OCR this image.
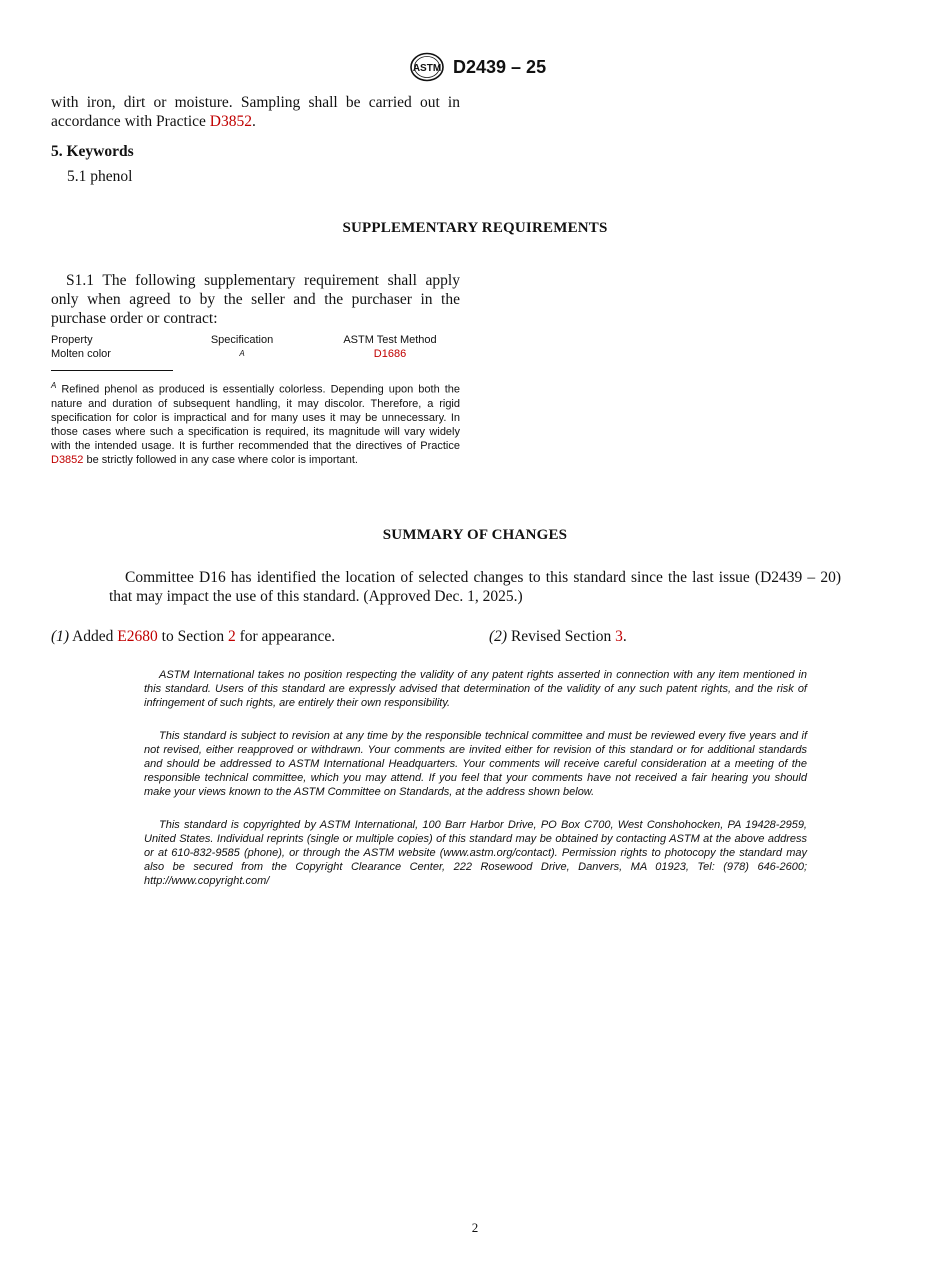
ASTM D2439 – 25
with iron, dirt or moisture. Sampling shall be carried out in accordance with Practice D3852.
5. Keywords
5.1 phenol
SUPPLEMENTARY REQUIREMENTS
S1.1 The following supplementary requirement shall apply only when agreed to by the seller and the purchaser in the purchase order or contract:
Property	Specification	ASTM Test Method
Molten color	$^A$	D1686
$^A$ Refined phenol as produced is essentially colorless. Depending upon both the nature and duration of subsequent handling, it may discolor. Therefore, a rigid specification for color is impractical and for many uses it may be unnecessary. In those cases where such a specification is required, its magnitude will vary widely with the intended usage. It is further recommended that the directives of Practice D3852 be strictly followed in any case where color is important.
SUMMARY OF CHANGES
Committee D16 has identified the location of selected changes to this standard since the last issue (D2439 – 20) that may impact the use of this standard. (Approved Dec. 1, 2025.)
(1) Added E2680 to Section 2 for appearance.	(2) Revised Section 3.
ASTM International takes no position respecting the validity of any patent rights asserted in connection with any item mentioned in this standard. Users of this standard are expressly advised that determination of the validity of any such patent rights, and the risk of infringement of such rights, are entirely their own responsibility.
This standard is subject to revision at any time by the responsible technical committee and must be reviewed every five years and if not revised, either reapproved or withdrawn. Your comments are invited either for revision of this standard or for additional standards and should be addressed to ASTM International Headquarters. Your comments will receive careful consideration at a meeting of the responsible technical committee, which you may attend. If you feel that your comments have not received a fair hearing you should make your views known to the ASTM Committee on Standards, at the address shown below.
This standard is copyrighted by ASTM International, 100 Barr Harbor Drive, PO Box C700, West Conshohocken, PA 19428-2959, United States. Individual reprints (single or multiple copies) of this standard may be obtained by contacting ASTM at the above address or at 610-832-9585 (phone), or through the ASTM website (www.astm.org/contact). Permission rights to photocopy the standard may also be secured from the Copyright Clearance Center, 222 Rosewood Drive, Danvers, MA 01923, Tel: (978) 646-2600; http://www.copyright.com/
2
